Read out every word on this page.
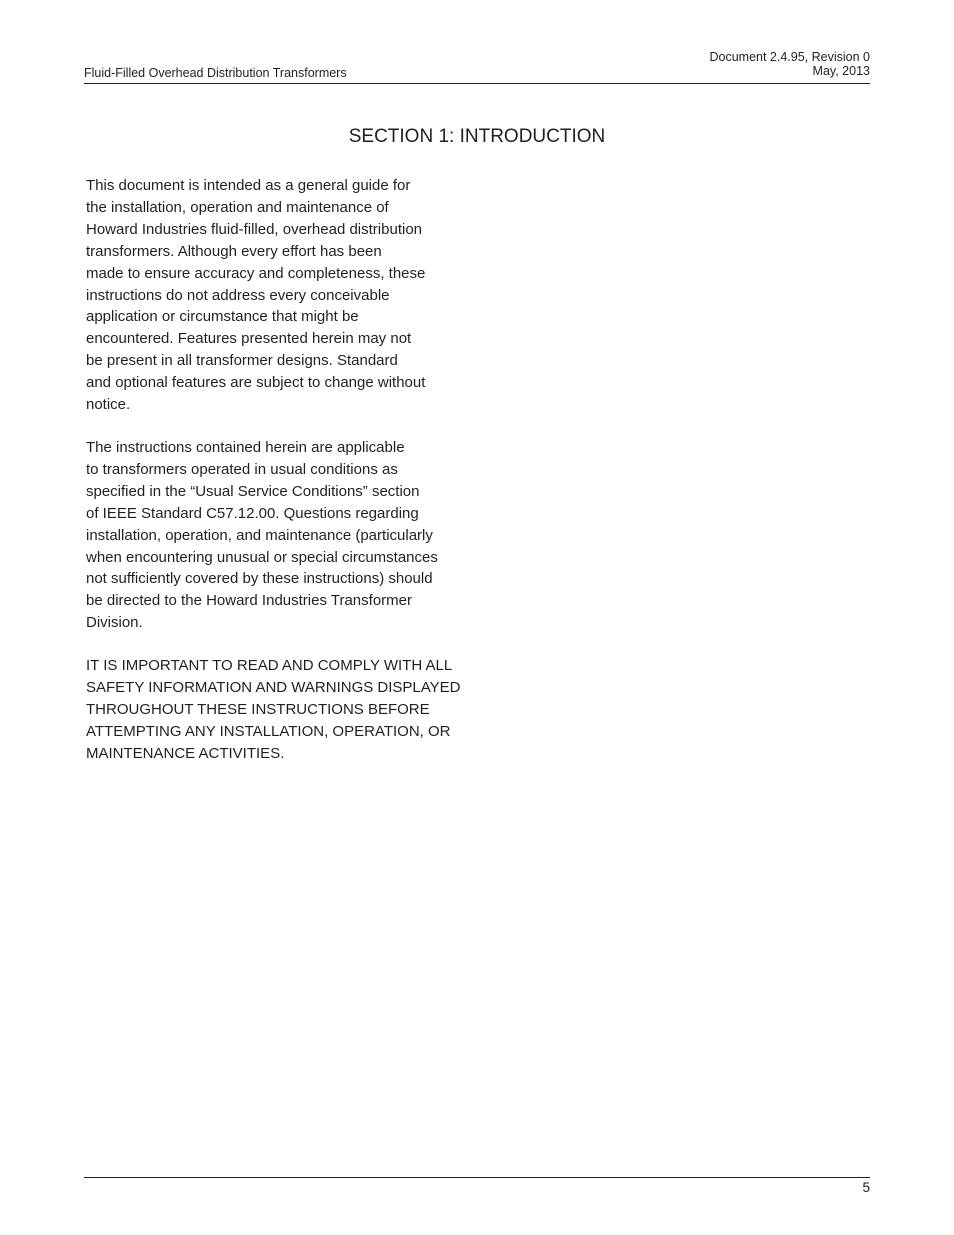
Fluid-Filled Overhead Distribution Transformers
Document 2.4.95, Revision 0
May, 2013
SECTION 1: INTRODUCTION

This document is intended as a general guide for
the installation, operation and maintenance of
Howard Industries fluid-filled, overhead distribution
transformers. Although every effort has been
made to ensure accuracy and completeness, these
instructions do not address every conceivable
application or circumstance that might be
encountered. Features presented herein may not
be present in all transformer designs. Standard
and optional features are subject to change without
notice.

The instructions contained herein are applicable
to transformers operated in usual conditions as
specified in the “Usual Service Conditions” section
of IEEE Standard C57.12.00. Questions regarding
installation, operation, and maintenance (particularly
when encountering unusual or special circumstances
not sufficiently covered by these instructions) should
be directed to the Howard Industries Transformer
Division.

IT IS IMPORTANT TO READ AND COMPLY WITH ALL
SAFETY INFORMATION AND WARNINGS DISPLAYED
THROUGHOUT THESE INSTRUCTIONS BEFORE
ATTEMPTING ANY INSTALLATION, OPERATION, OR
MAINTENANCE ACTIVITIES.

5
